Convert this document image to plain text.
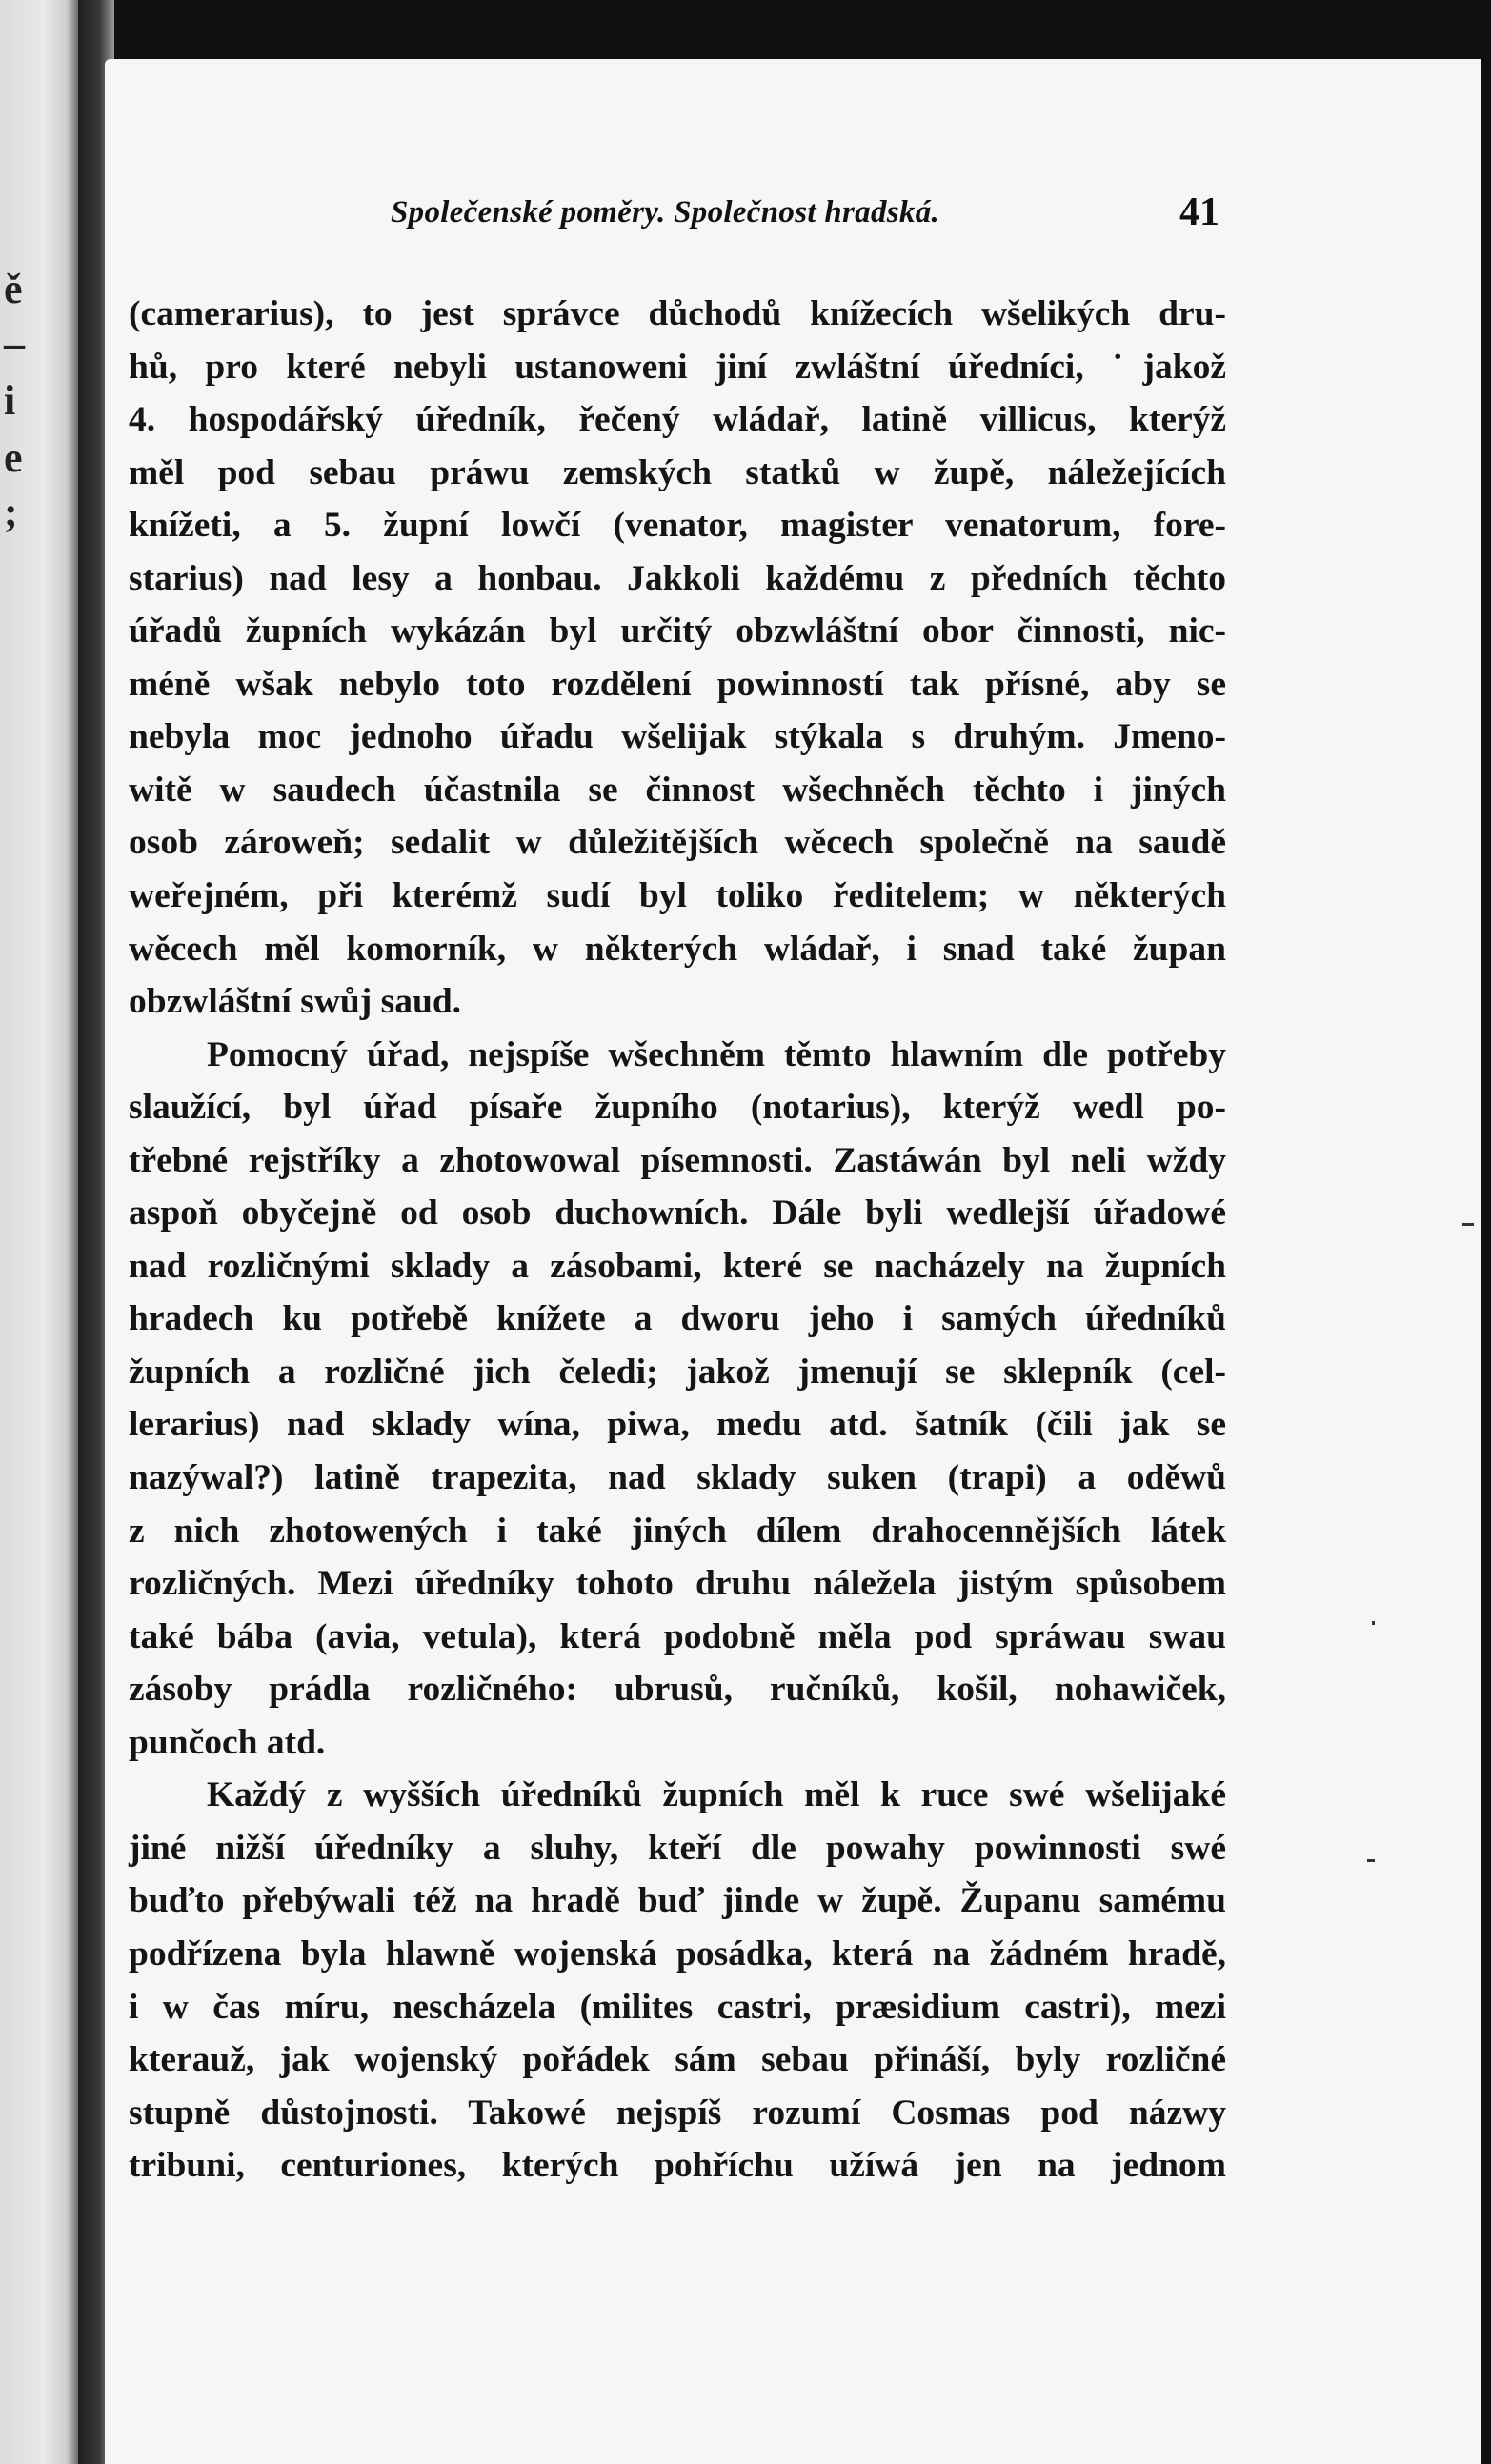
ě
–
i
e
;
Společenské poměry. Společnost hradská.	41
(camerarius), to jest správce důchodů knížecích wšelikých dru-
hů, pro které nebyli ustanoweni jiní zwláštní úředníci, ˙jakož
4. hospodářský úředník, řečený wládař, latině villicus, kterýž
měl pod sebau práwu zemských statků w župě, náležejících
knížeti, a 5. župní lowčí (venator, magister venatorum, fore-
starius) nad lesy a honbau. Jakkoli každému z předních těchto
úřadů župních wykázán byl určitý obzwláštní obor činnosti, nic-
méně wšak nebylo toto rozdělení powinností tak přísné, aby se
nebyla moc jednoho úřadu wšelijak stýkala s druhým. Jmeno-
witě w saudech účastnila se činnost wšechněch těchto i jiných
osob zároweň; sedalit w důležitějších wěcech společně na saudě
weřejném, při kterémž sudí byl toliko ředitelem; w některých
wěcech měl komorník, w některých wládař, i snad také župan
obzwláštní swůj saud.
Pomocný úřad, nejspíše wšechněm těmto hlawním dle potřeby
slaužící, byl úřad písaře župního (notarius), kterýž wedl po-
třebné rejstříky a zhotowowal písemnosti. Zastáwán byl neli wždy
aspoň obyčejně od osob duchowních. Dále byli wedlejší úřadowé
nad rozličnými sklady a zásobami, které se nacházely na župních
hradech ku potřebě knížete a dworu jeho i samých úředníků
župních a rozličné jich čeledi; jakož jmenují se sklepník (cel-
lerarius) nad sklady wína, piwa, medu atd. šatník (čili jak se
nazýwal?) latině trapezita, nad sklady suken (trapi) a oděwů
z nich zhotowených i také jiných dílem drahocennějších látek
rozličných. Mezi úředníky tohoto druhu náležela jistým spůsobem
také bába (avia, vetula), která podobně měla pod spráwau swau
zásoby prádla rozličného: ubrusů, ručníků, košil, nohawiček,
punčoch atd.
Každý z wyšších úředníků župních měl k ruce swé wšelijaké
jiné nižší úředníky a sluhy, kteří dle powahy powinnosti swé
buďto přebýwali též na hradě buď jinde w župě. Županu samému
podřízena byla hlawně wojenská posádka, která na žádném hradě,
i w čas míru, nescházela (milites castri, præsidium castri), mezi
kterauž, jak wojenský pořádek sám sebau přináší, byly rozličné
stupně důstojnosti. Takowé nejspíš rozumí Cosmas pod názwy
tribuni, centuriones, kterých pohříchu užíwá jen na jednom
